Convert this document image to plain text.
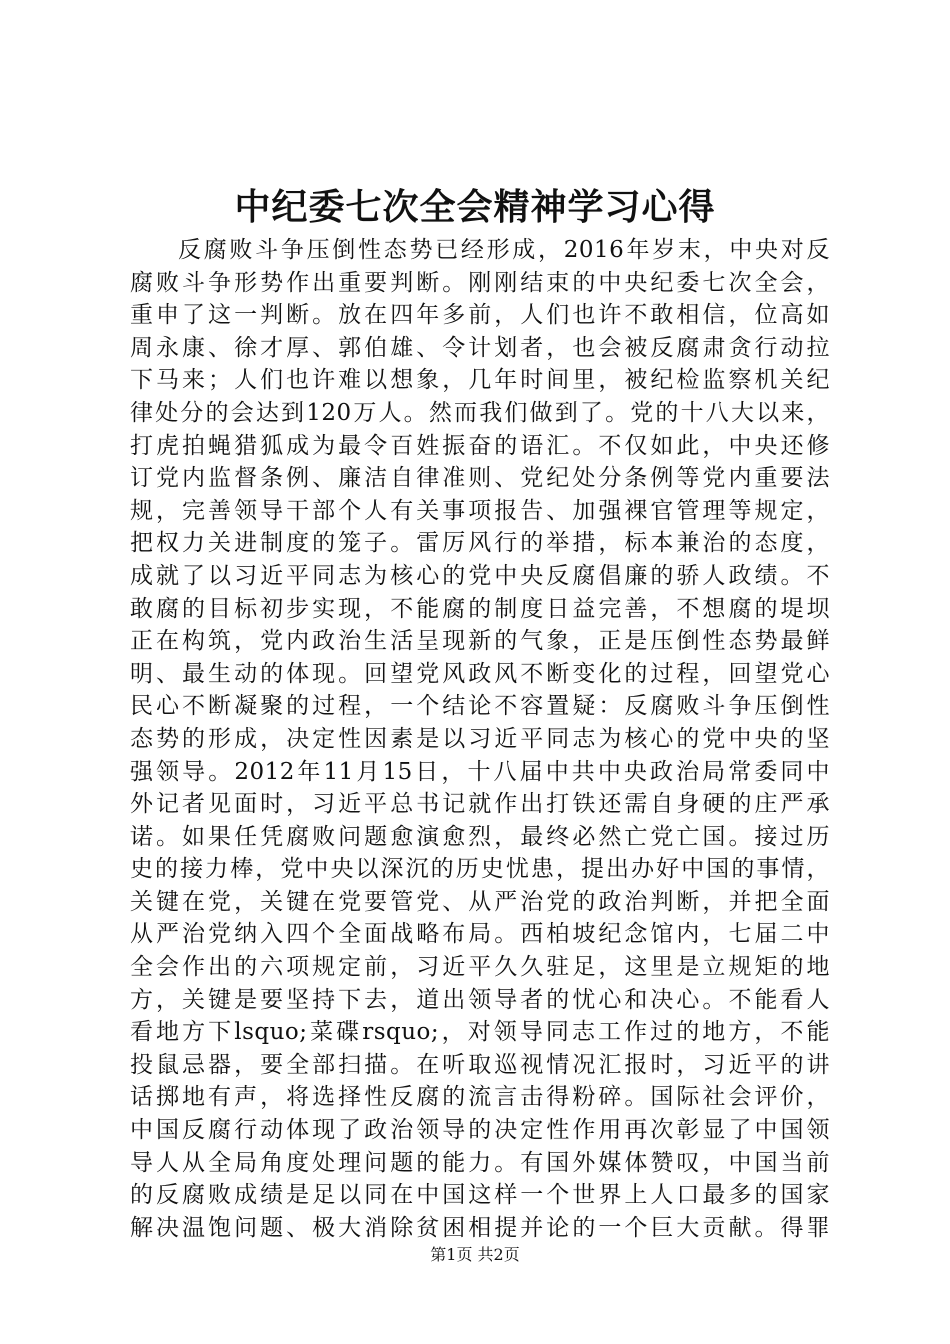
中纪委七次全会精神学习心得
反腐败斗争压倒性态势已经形成，2016年岁末，中央对反
腐败斗争形势作出重要判断。刚刚结束的中央纪委七次全会，
重申了这一判断。放在四年多前，人们也许不敢相信，位高如
周永康、徐才厚、郭伯雄、令计划者，也会被反腐肃贪行动拉
下马来；人们也许难以想象，几年时间里，被纪检监察机关纪
律处分的会达到120万人。然而我们做到了。党的十八大以来，
打虎拍蝇猎狐成为最令百姓振奋的语汇。不仅如此，中央还修
订党内监督条例、廉洁自律准则、党纪处分条例等党内重要法
规，完善领导干部个人有关事项报告、加强裸官管理等规定，
把权力关进制度的笼子。雷厉风行的举措，标本兼治的态度，
成就了以习近平同志为核心的党中央反腐倡廉的骄人政绩。不
敢腐的目标初步实现，不能腐的制度日益完善，不想腐的堤坝
正在构筑，党内政治生活呈现新的气象，正是压倒性态势最鲜
明、最生动的体现。回望党风政风不断变化的过程，回望党心
民心不断凝聚的过程，一个结论不容置疑：反腐败斗争压倒性
态势的形成，决定性因素是以习近平同志为核心的党中央的坚
强领导。2012年11月15日，十八届中共中央政治局常委同中
外记者见面时，习近平总书记就作出打铁还需自身硬的庄严承
诺。如果任凭腐败问题愈演愈烈，最终必然亡党亡国。接过历
史的接力棒，党中央以深沉的历史忧患，提出办好中国的事情，
关键在党，关键在党要管党、从严治党的政治判断，并把全面
从严治党纳入四个全面战略布局。西柏坡纪念馆内，七届二中
全会作出的六项规定前，习近平久久驻足，这里是立规矩的地
方，关键是要坚持下去，道出领导者的忧心和决心。不能看人
看地方下lsquo;菜碟rsquo;，对领导同志工作过的地方，不能
投鼠忌器，要全部扫描。在听取巡视情况汇报时，习近平的讲
话掷地有声，将选择性反腐的流言击得粉碎。国际社会评价，
中国反腐行动体现了政治领导的决定性作用再次彰显了中国领
导人从全局角度处理问题的能力。有国外媒体赞叹，中国当前
的反腐败成绩是足以同在中国这样一个世界上人口最多的国家
解决温饱问题、极大消除贫困相提并论的一个巨大贡献。得罪
第1页 共2页
